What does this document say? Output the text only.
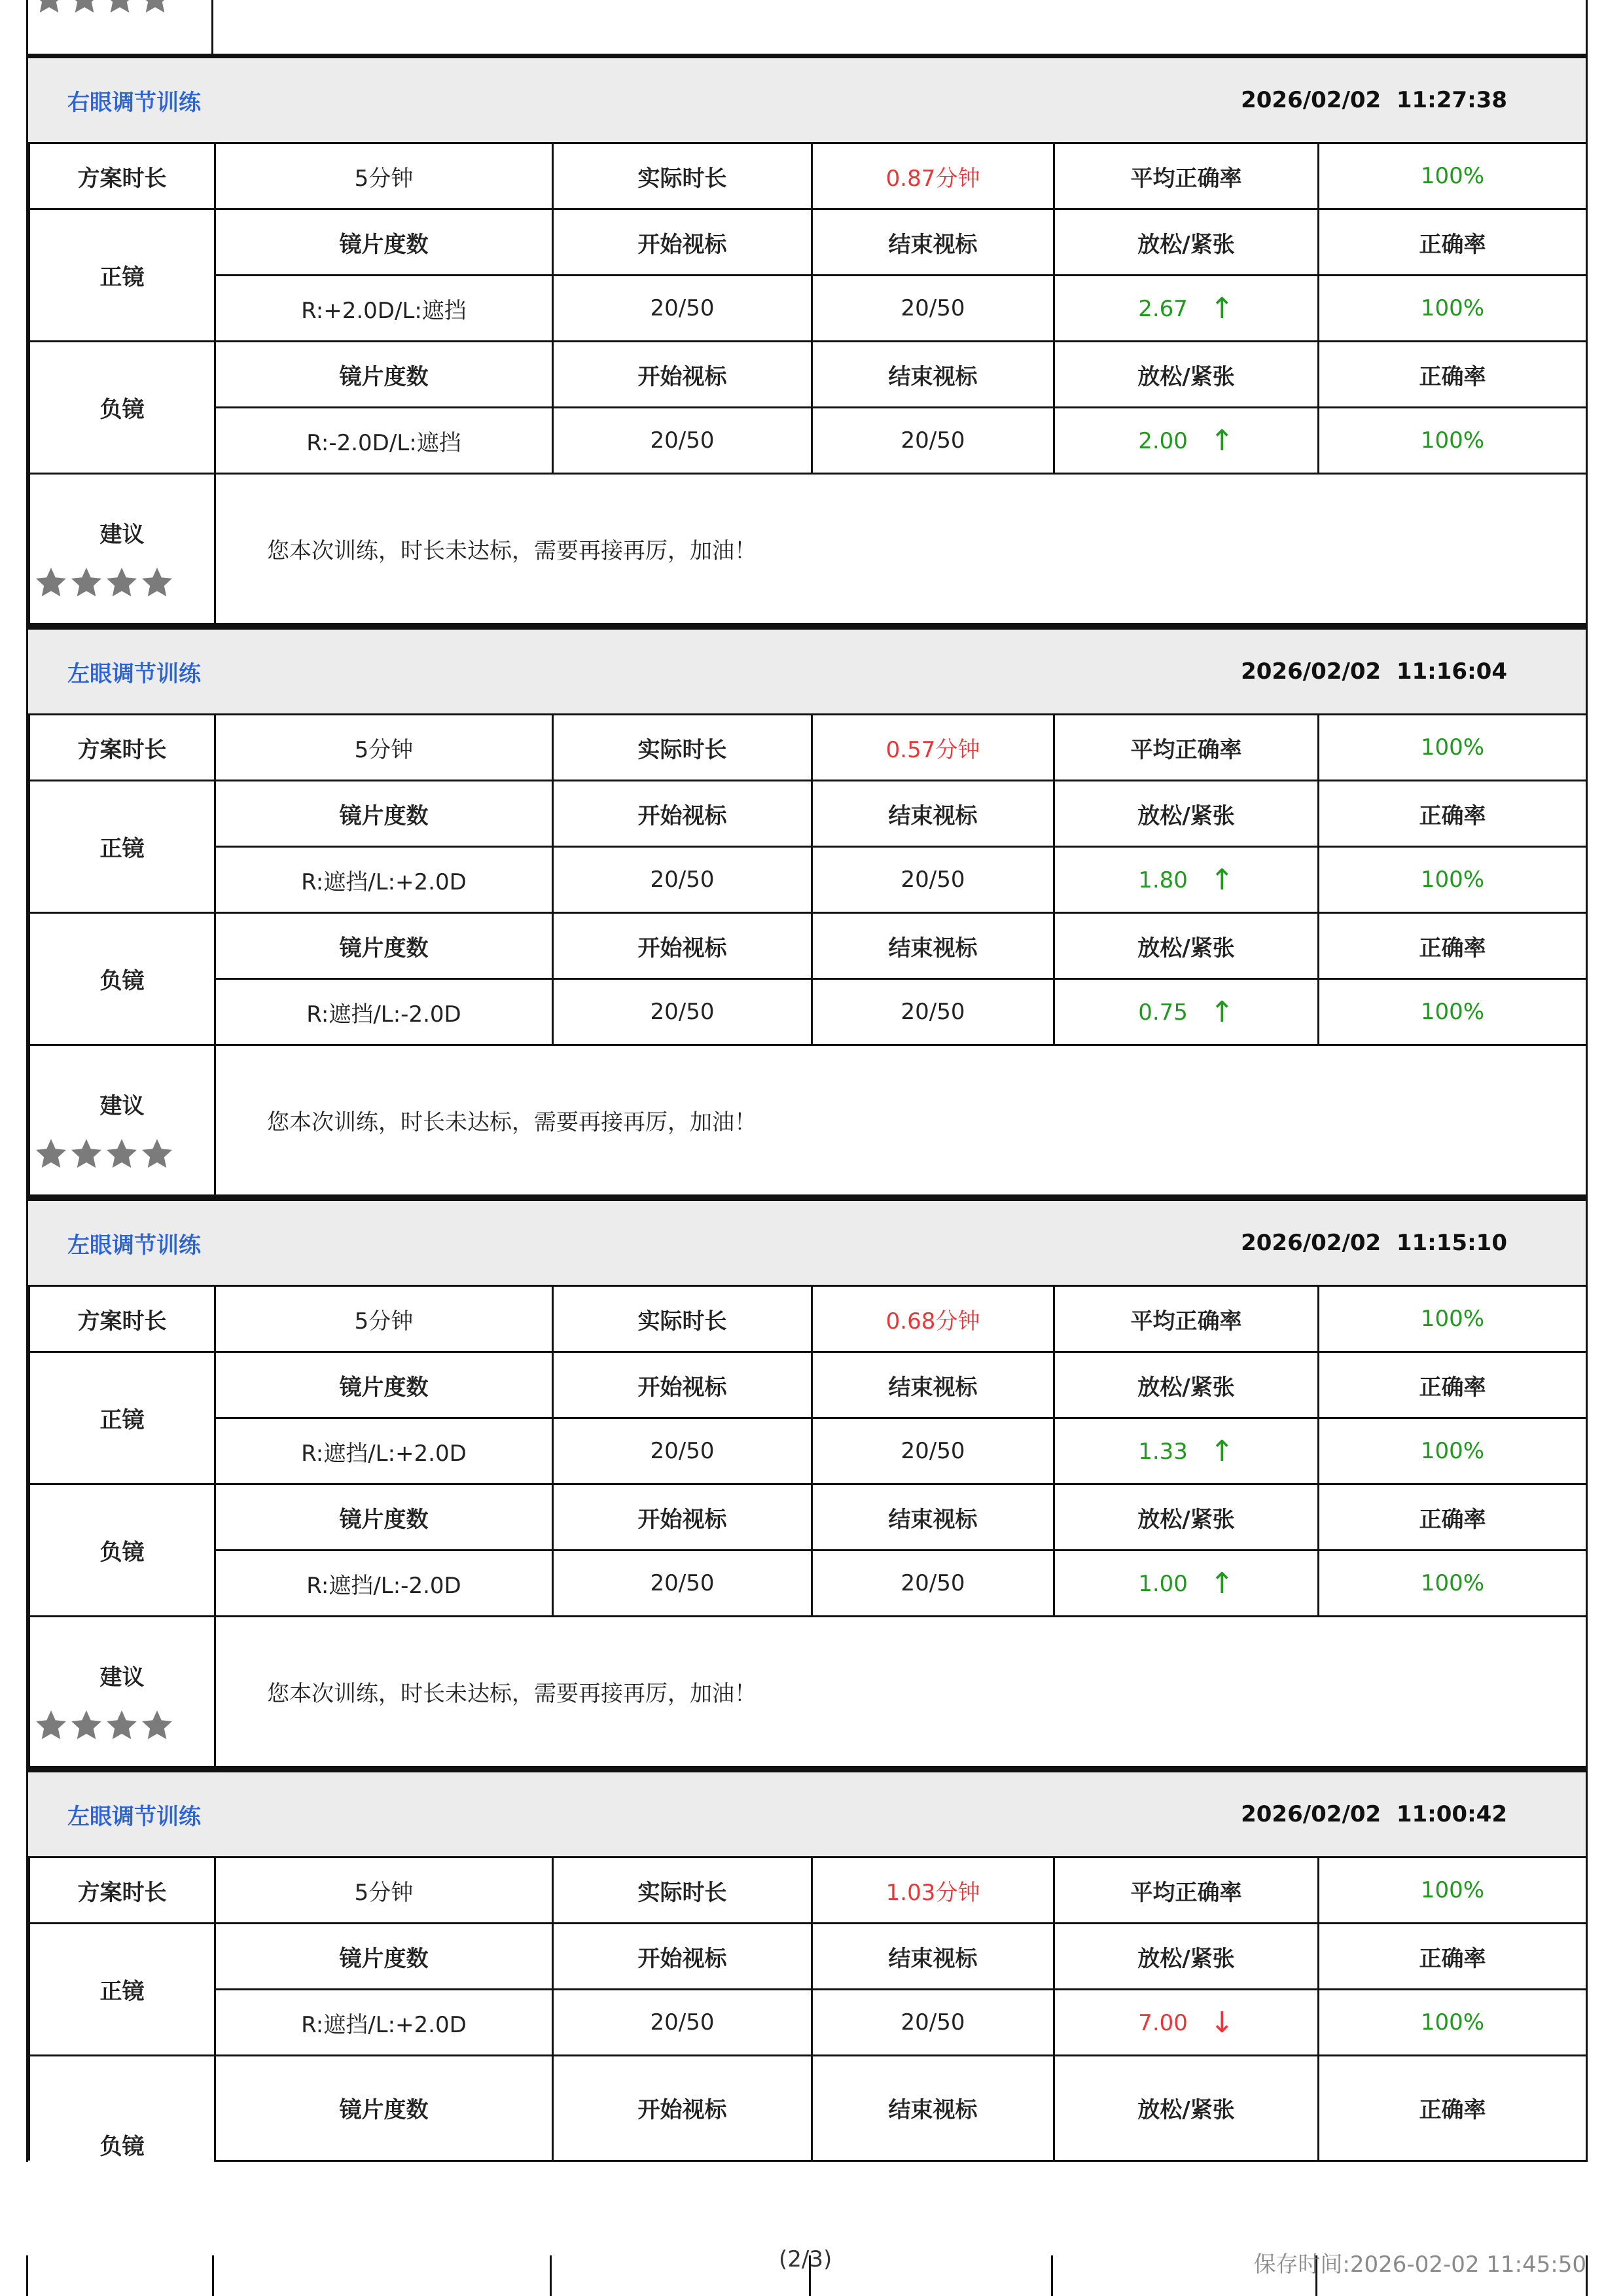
右眼调节训练	2026/02/02  11:27:38
方案时长	5分钟	实际时长	0.87分钟	平均正确率	100%
正镜	镜片度数	开始视标	结束视标	放松/紧张	正确率
	R:+2.0D/L:遮挡	20/50	20/50	2.67 ↑	100%
负镜	镜片度数	开始视标	结束视标	放松/紧张	正确率
	R:-2.0D/L:遮挡	20/50	20/50	2.00 ↑	100%

建议	您本次训练，时长未达标，需要再接再厉，加油！				
左眼调节训练	2026/02/02  11:16:04
方案时长	5分钟	实际时长	0.57分钟	平均正确率	100%
正镜	镜片度数	开始视标	结束视标	放松/紧张	正确率
	R:遮挡/L:+2.0D	20/50	20/50	1.80 ↑	100%
负镜	镜片度数	开始视标	结束视标	放松/紧张	正确率
	R:遮挡/L:-2.0D	20/50	20/50	0.75 ↑	100%

建议	您本次训练，时长未达标，需要再接再厉，加油！				
左眼调节训练	2026/02/02  11:15:10
方案时长	5分钟	实际时长	0.68分钟	平均正确率	100%
正镜	镜片度数	开始视标	结束视标	放松/紧张	正确率
	R:遮挡/L:+2.0D	20/50	20/50	1.33 ↑	100%
负镜	镜片度数	开始视标	结束视标	放松/紧张	正确率
	R:遮挡/L:-2.0D	20/50	20/50	1.00 ↑	100%

建议	您本次训练，时长未达标，需要再接再厉，加油！				
左眼调节训练	2026/02/02  11:00:42
方案时长	5分钟	实际时长	1.03分钟	平均正确率	100%
正镜	镜片度数	开始视标	结束视标	放松/紧张	正确率
	R:遮挡/L:+2.0D	20/50	20/50	7.00 ↓	100%
负镜	镜片度数	开始视标	结束视标	放松/紧张	正确率
(2/3)	保存时间:2026-02-02 11:45:50
